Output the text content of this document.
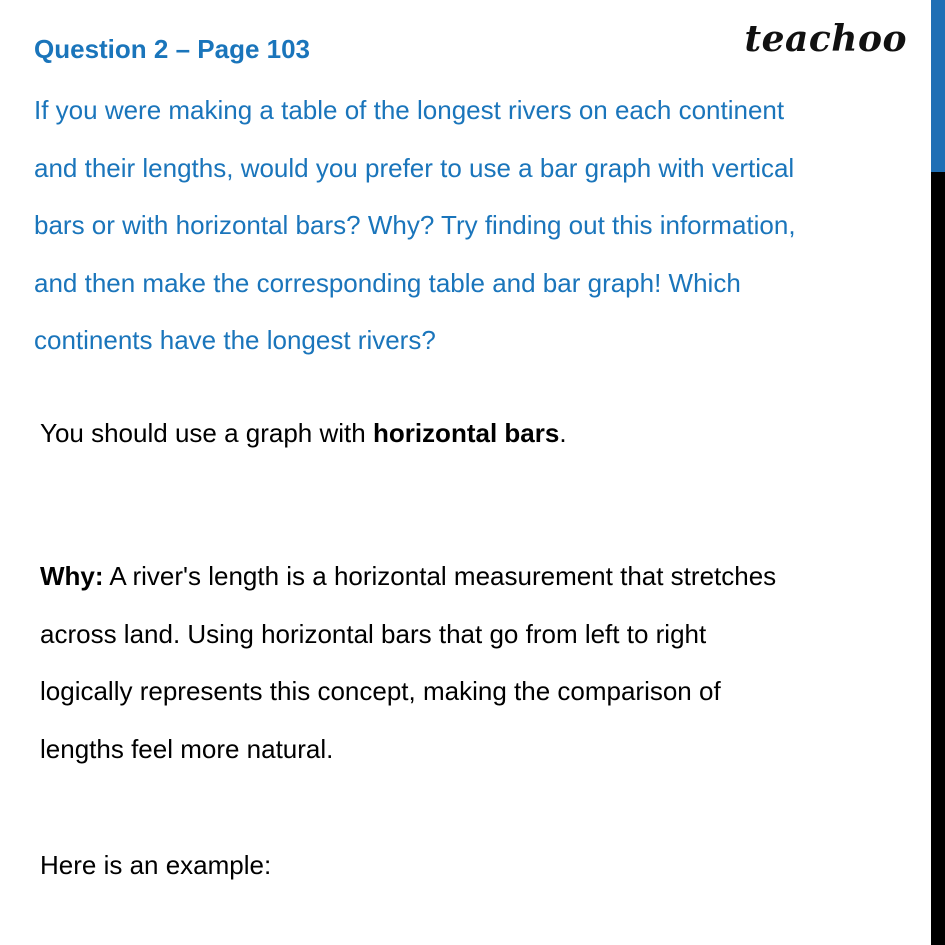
teachoo
Question 2 – Page 103
If you were making a table of the longest rivers on each continent
and their lengths, would you prefer to use a bar graph with vertical
bars or with horizontal bars? Why? Try finding out this information,
and then make the corresponding table and bar graph! Which
continents have the longest rivers?
You should use a graph with horizontal bars.
Why: A river's length is a horizontal measurement that stretches
across land. Using horizontal bars that go from left to right
logically represents this concept, making the comparison of
lengths feel more natural.
Here is an example:
